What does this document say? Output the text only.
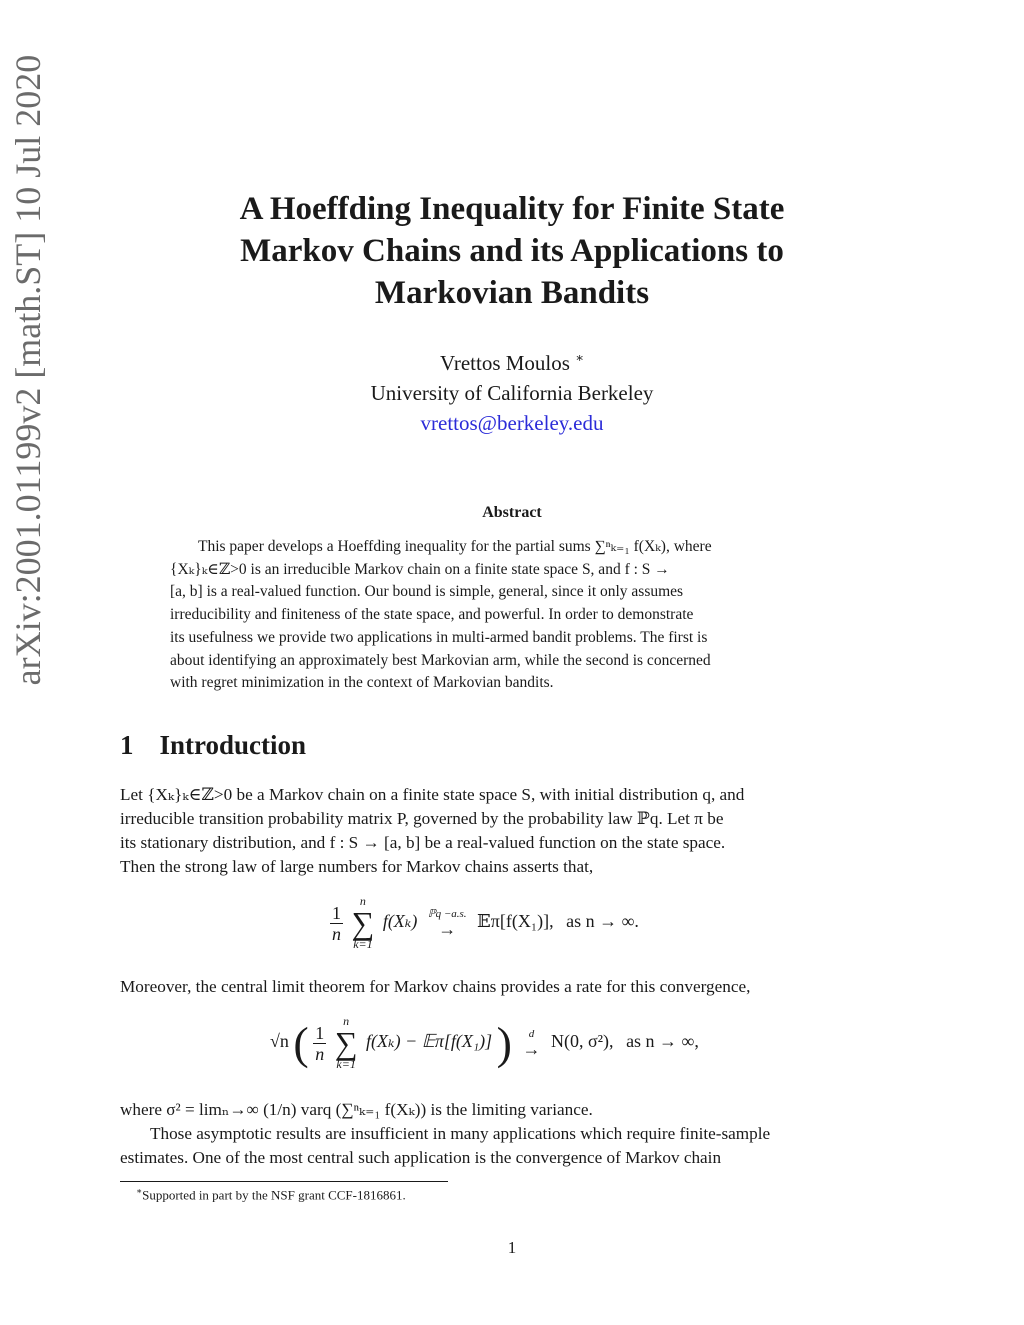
arXiv:2001.01199v2 [math.ST] 10 Jul 2020	A Hoeffding Inequality for Finite State
Markov Chains and its Applications to
Markovian Bandits
Vrettos Moulos ∗
University of California Berkeley
vrettos@berkeley.edu
Abstract
This paper develops a Hoeffding inequality for the partial sums ∑ⁿₖ₌₁ f(Xₖ), where
{Xₖ}ₖ∈ℤ>0 is an irreducible Markov chain on a finite state space S, and f : S →
[a, b] is a real-valued function. Our bound is simple, general, since it only assumes
irreducibility and finiteness of the state space, and powerful. In order to demonstrate
its usefulness we provide two applications in multi-armed bandit problems. The first is
about identifying an approximately best Markovian arm, while the second is concerned
with regret minimization in the context of Markovian bandits.
1 Introduction
Let {Xₖ}ₖ∈ℤ>0 be a Markov chain on a finite state space S, with initial distribution q, and
irreducible transition probability matrix P, governed by the probability law ℙq. Let π be
its stationary distribution, and f : S → [a, b] be a real-valued function on the state space.
Then the strong law of large numbers for Markov chains asserts that,
$\frac{1}{n}$

n
∑
k=1
f(Xₖ) ℙq −a.s.
→	𝔼π[f(X₁)], as n → ∞.
Moreover, the central limit theorem for Markov chains provides a rate for this convergence,
√n ( $\frac{1}{n}$

n
∑
k=1
f(Xₖ) − 𝔼π[f(X₁)] )	d
→ N(0, σ²), as n → ∞,
where σ² = limₙ→∞ (1/n) varq (∑ⁿₖ₌₁ f(Xₖ)) is the limiting variance.
Those asymptotic results are insufficient in many applications which require finite-sample
estimates. One of the most central such application is the convergence of Markov chain
∗Supported in part by the NSF grant CCF-1816861.
1
